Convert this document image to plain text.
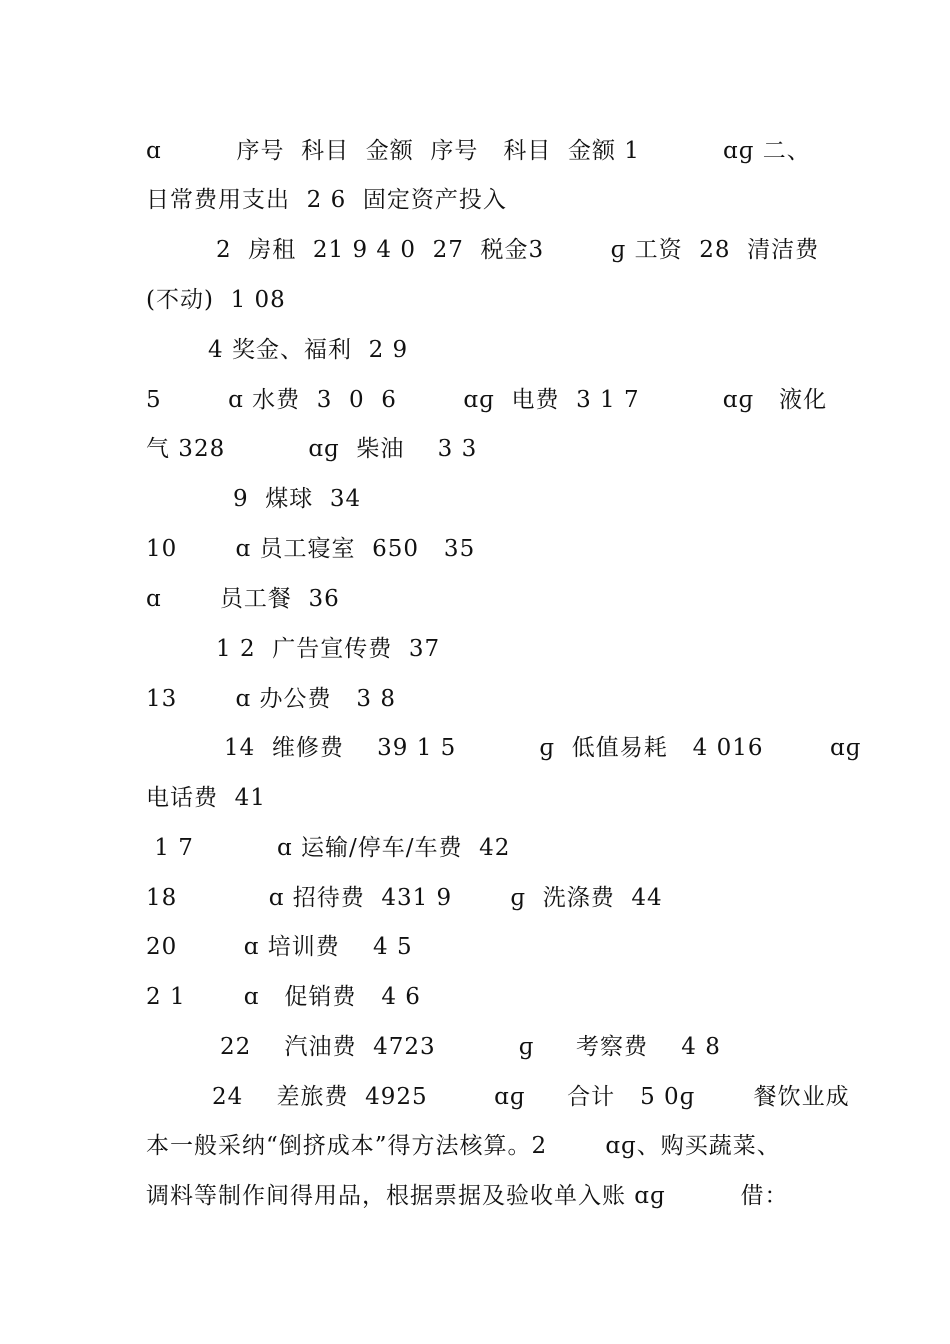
ɑ         序号  科目  金额  序号   科目  金额 1          ɑɡ 二、
日常费用支出  2 6  固定资产投入
2  房租  21 9 4 0  27  税金3        ɡ 工资  28  清洁费
(不动)  1 08
4 奖金、福利  2 9
5        ɑ 水费  3  0  6        ɑɡ  电费  3 1 7          ɑɡ   液化
气 328          ɑɡ  柴油    3 3
9  煤球  34
10       ɑ 员工寝室  650   35
ɑ       员工餐  36
1 2  广告宣传费  37
13       ɑ 办公费   3 8
14  维修费    39 1 5          ɡ  低值易耗   4 016        ɑɡ
电话费  41
1 7          ɑ 运输/停车/车费  42
18           ɑ 招待费  431 9       ɡ  洗涤费  44
20        ɑ 培训费    4 5
2 1       ɑ   促销费   4 6
22    汽油费  4723          ɡ     考察费    4 8
24    差旅费  4925        ɑɡ     合计   5 0ɡ       餐饮业成
本一般采纳“倒挤成本”得方法核算。2       ɑɡ、购买蔬菜、
调料等制作间得用品，根据票据及验收单入账 ɑɡ         借：
